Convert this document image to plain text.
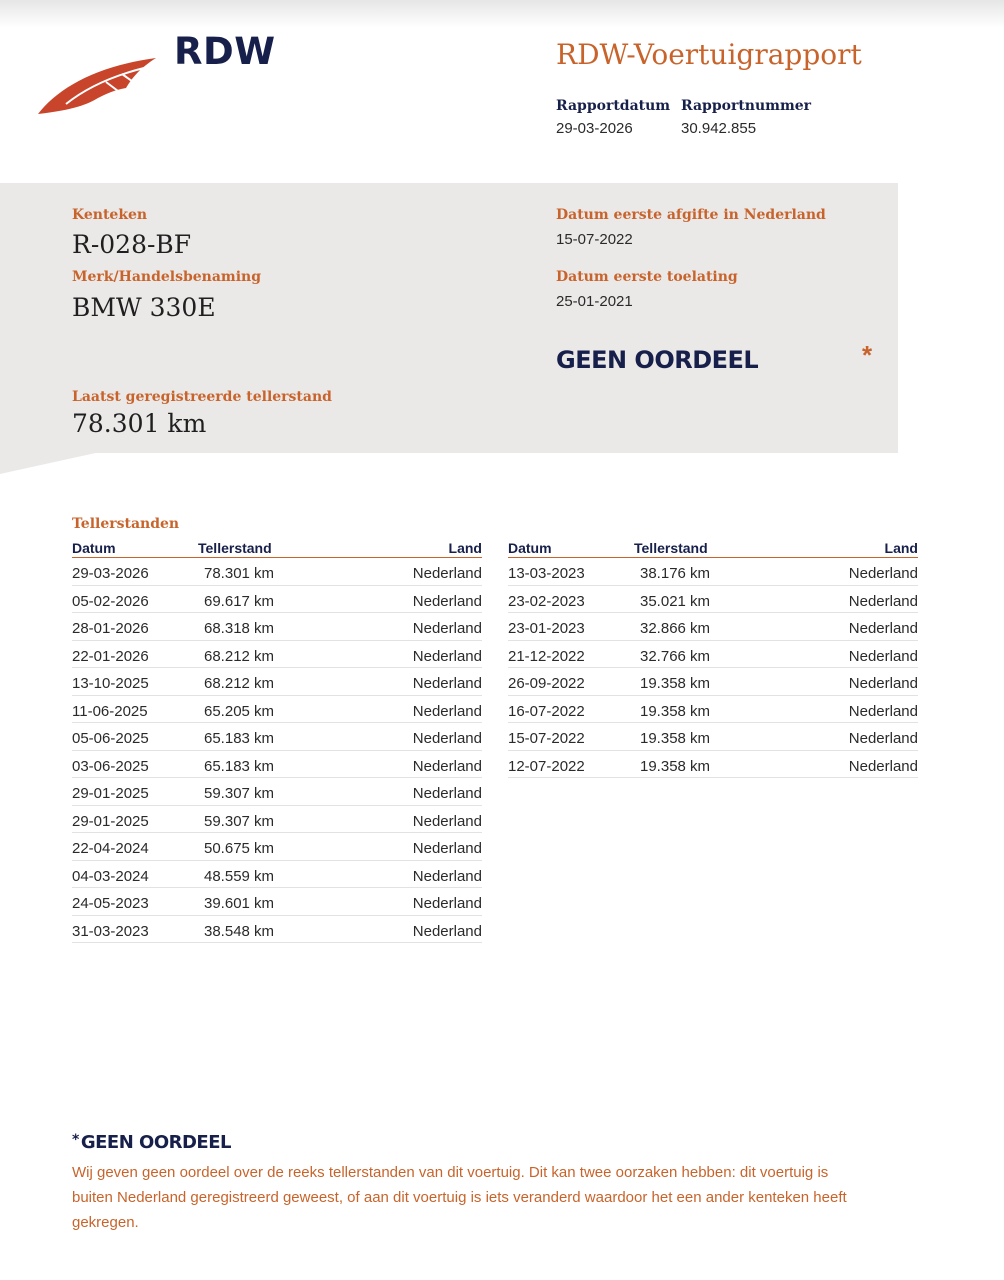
RDW	RDW-Voertuigrapport
Rapportdatum
29-03-2026
Rapportnummer
30.942.855
Kenteken
R-028-BF
Merk/Handelsbenaming
BMW 330E
Datum eerste afgifte in Nederland
15-07-2022
Datum eerste toelating
25-01-2021
GEEN OORDEEL	*
Laatst geregistreerde tellerstand
78.301 km
Tellerstanden
Datum	Tellerstand	Land
29-03-2026	78.301 km	Nederland
05-02-2026	69.617 km	Nederland
28-01-2026	68.318 km	Nederland
22-01-2026	68.212 km	Nederland
13-10-2025	68.212 km	Nederland
11-06-2025	65.205 km	Nederland
05-06-2025	65.183 km	Nederland
03-06-2025	65.183 km	Nederland
29-01-2025	59.307 km	Nederland
29-01-2025	59.307 km	Nederland
22-04-2024	50.675 km	Nederland
04-03-2024	48.559 km	Nederland
24-05-2023	39.601 km	Nederland
31-03-2023	38.548 km	Nederland
Datum	Tellerstand	Land
13-03-2023	38.176 km	Nederland
23-02-2023	35.021 km	Nederland
23-01-2023	32.866 km	Nederland
21-12-2022	32.766 km	Nederland
26-09-2022	19.358 km	Nederland
16-07-2022	19.358 km	Nederland
15-07-2022	19.358 km	Nederland
12-07-2022	19.358 km	Nederland
* GEEN OORDEEL
Wij geven geen oordeel over de reeks tellerstanden van dit voertuig. Dit kan twee oorzaken hebben: dit voertuig is buiten Nederland geregistreerd geweest, of aan dit voertuig is iets veranderd waardoor het een ander kenteken heeft gekregen.
